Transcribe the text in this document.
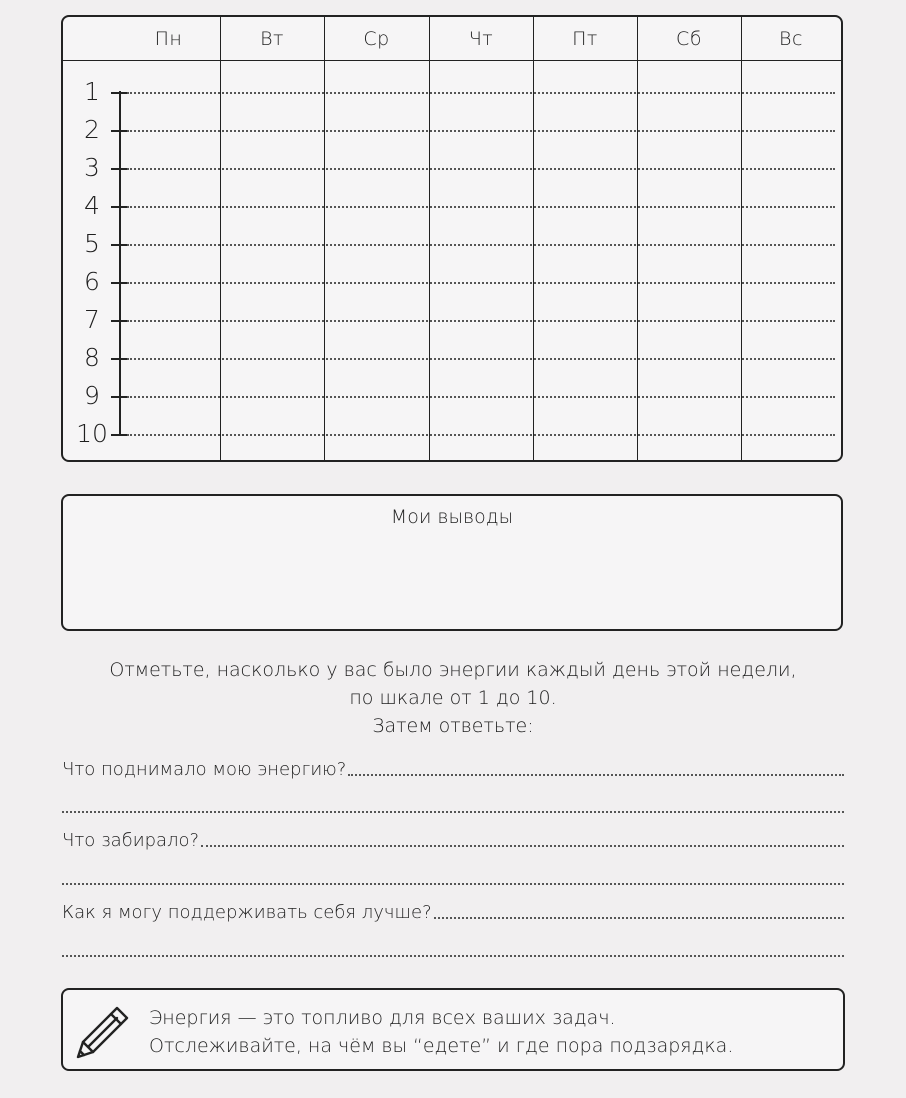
Пн	Вт	Ср	Чт	Пт	Сб	Вс
1
2
3
4
5
6
7
8
9
10
Мои выводы
Отметьте, насколько у вас было энергии каждый день этой недели,
по шкале от 1 до 10.
Затем ответьте:
Что поднимало мою энергию?
Что забирало?
Как я могу поддерживать себя лучше?
Энергия — это топливо для всех ваших задач.
Отслеживайте, на чём вы “едете” и где пора подзарядка.
